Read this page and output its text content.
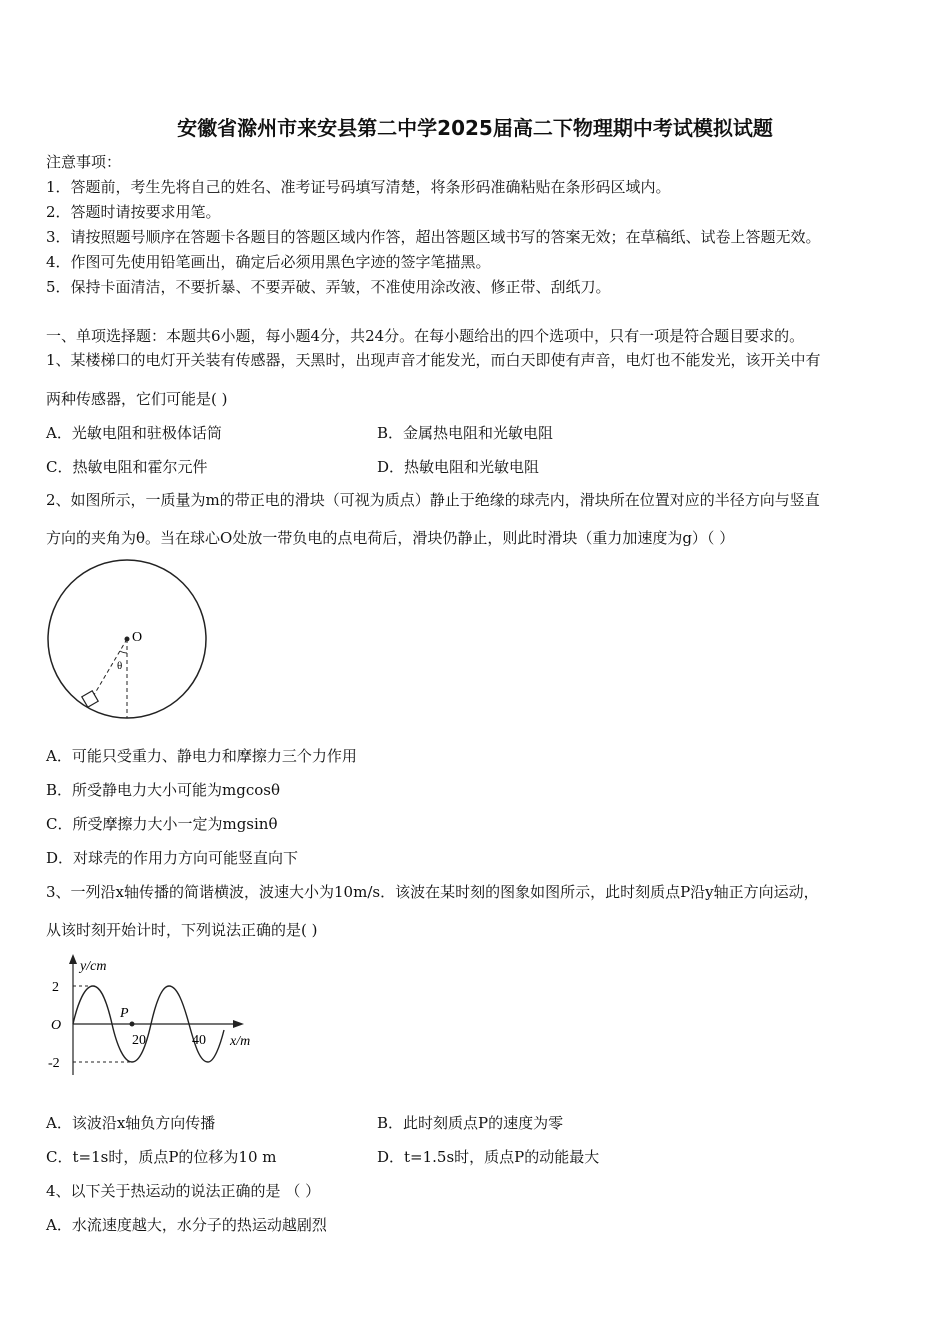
安徽省滁州市来安县第二中学2025届高二下物理期中考试模拟试题
注意事项：
1．答题前，考生先将自己的姓名、准考证号码填写清楚，将条形码准确粘贴在条形码区域内。
2．答题时请按要求用笔。
3．请按照题号顺序在答题卡各题目的答题区域内作答，超出答题区域书写的答案无效；在草稿纸、试卷上答题无效。
4．作图可先使用铅笔画出，确定后必须用黑色字迹的签字笔描黑。
5．保持卡面清洁，不要折暴、不要弄破、弄皱，不准使用涂改液、修正带、刮纸刀。
一、单项选择题：本题共6小题，每小题4分，共24分。在每小题给出的四个选项中，只有一项是符合题目要求的。
1、某楼梯口的电灯开关装有传感器，天黑时，出现声音才能发光，而白天即使有声音，电灯也不能发光，该开关中有
两种传感器，它们可能是( )
A．光敏电阻和驻极体话筒	B．金属热电阻和光敏电阻
C．热敏电阻和霍尔元件	D．热敏电阻和光敏电阻
2、如图所示，一质量为m的带正电的滑块（可视为质点）静止于绝缘的球壳内，滑块所在位置对应的半径方向与竖直
方向的夹角为θ。当在球心O处放一带负电的点电荷后，滑块仍静止，则此时滑块（重力加速度为g）（ ）
O
θ
A．可能只受重力、静电力和摩擦力三个力作用
B．所受静电力大小可能为mgcosθ
C．所受摩擦力大小一定为mgsinθ
D．对球壳的作用力方向可能竖直向下
3、一列沿x轴传播的简谐横波，波速大小为10m/s．该波在某时刻的图象如图所示，此时刻质点P沿y轴正方向运动，
从该时刻开始计时，下列说法正确的是( )
y/cm
x/m
O
2
-2
20	40
P
A．该波沿x轴负方向传播	B．此时刻质点P的速度为零
C．t=1s时，质点P的位移为10 m	D．t=1.5s时，质点P的动能最大
4、以下关于热运动的说法正确的是 （ ）
A．水流速度越大，水分子的热运动越剧烈
